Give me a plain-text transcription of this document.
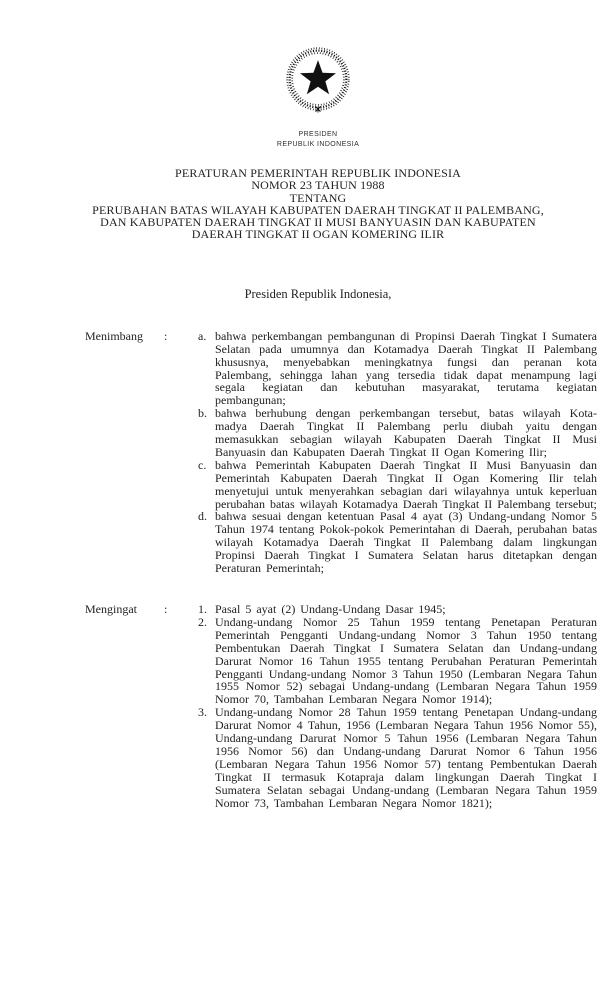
PRESIDEN
REPUBLIK INDONESIA
PERATURAN PEMERINTAH REPUBLIK INDONESIA
NOMOR 23 TAHUN 1988
TENTANG
PERUBAHAN BATAS WILAYAH KABUPATEN DAERAH TINGKAT II PALEMBANG, DAN KABUPATEN DAERAH TINGKAT II MUSI BANYUASIN DAN KABUPATEN DAERAH TINGKAT II OGAN KOMERING ILIR
Presiden Republik Indonesia,
Menimbang :	a. bahwa perkembangan pembangunan di Propinsi Daerah Tingkat I Sumatera Selatan pada umumnya dan Kotamadya Daerah Tingkat II Palembang khususnya, menyebabkan meningkatnya fungsi dan peranan kota Palembang, sehingga lahan yang tersedia tidak dapat menampung lagi segala kegiatan dan kebutuhan masyarakat, terutama kegiatan pembangunan;
b. bahwa berhubung dengan perkembangan tersebut, batas wilayah Kota- madya Daerah Tingkat II Palembang perlu diubah yaitu dengan memasukkan sebagian wilayah Kabupaten Daerah Tingkat II Musi Banyuasin dan Kabupaten Daerah Tingkat II Ogan Komering Ilir;
c. bahwa Pemerintah Kabupaten Daerah Tingkat II Musi Banyuasin dan Pemerintah Kabupaten Daerah Tingkat II Ogan Komering Ilir telah menyetujui untuk menyerahkan sebagian dari wilayahnya untuk keperluan perubahan batas wilayah Kotamadya Daerah Tingkat II Palembang tersebut;
d. bahwa sesuai dengan ketentuan Pasal 4 ayat (3) Undang-undang Nomor 5 Tahun 1974 tentang Pokok-pokok Pemerintahan di Daerah, perubahan batas wilayah Kotamadya Daerah Tingkat II Palembang dalam lingkungan Propinsi Daerah Tingkat I Sumatera Selatan harus ditetapkan dengan Peraturan Pemerintah;
Mengingat :	1. Pasal 5 ayat (2) Undang-Undang Dasar 1945;
2. Undang-undang Nomor 25 Tahun 1959 tentang Penetapan Peraturan Pemerintah Pengganti Undang-undang Nomor 3 Tahun 1950 tentang Pembentukan Daerah Tingkat I Sumatera Selatan dan Undang-undang Darurat Nomor 16 Tahun 1955 tentang Perubahan Peraturan Pemerintah Pengganti Undang-undang Nomor 3 Tahun 1950 (Lembaran Negara Tahun 1955 Nomor 52) sebagai Undang-undang (Lembaran Negara Tahun 1959 Nomor 70, Tambahan Lembaran Negara Nomor 1914);
3. Undang-undang Nomor 28 Tahun 1959 tentang Penetapan Undang-undang Darurat Nomor 4 Tahun, 1956 (Lembaran Negara Tahun 1956 Nomor 55), Undang-undang Darurat Nomor 5 Tahun 1956 (Lembaran Negara Tahun 1956 Nomor 56) dan Undang-undang Darurat Nomor 6 Tahun 1956 (Lembaran Negara Tahun 1956 Nomor 57) tentang Pembentukan Daerah Tingkat II termasuk Kotapraja dalam lingkungan Daerah Tingkat I Sumatera Selatan sebagai Undang-undang (Lembaran Negara Tahun 1959 Nomor 73, Tambahan Lembaran Negara Nomor 1821);
